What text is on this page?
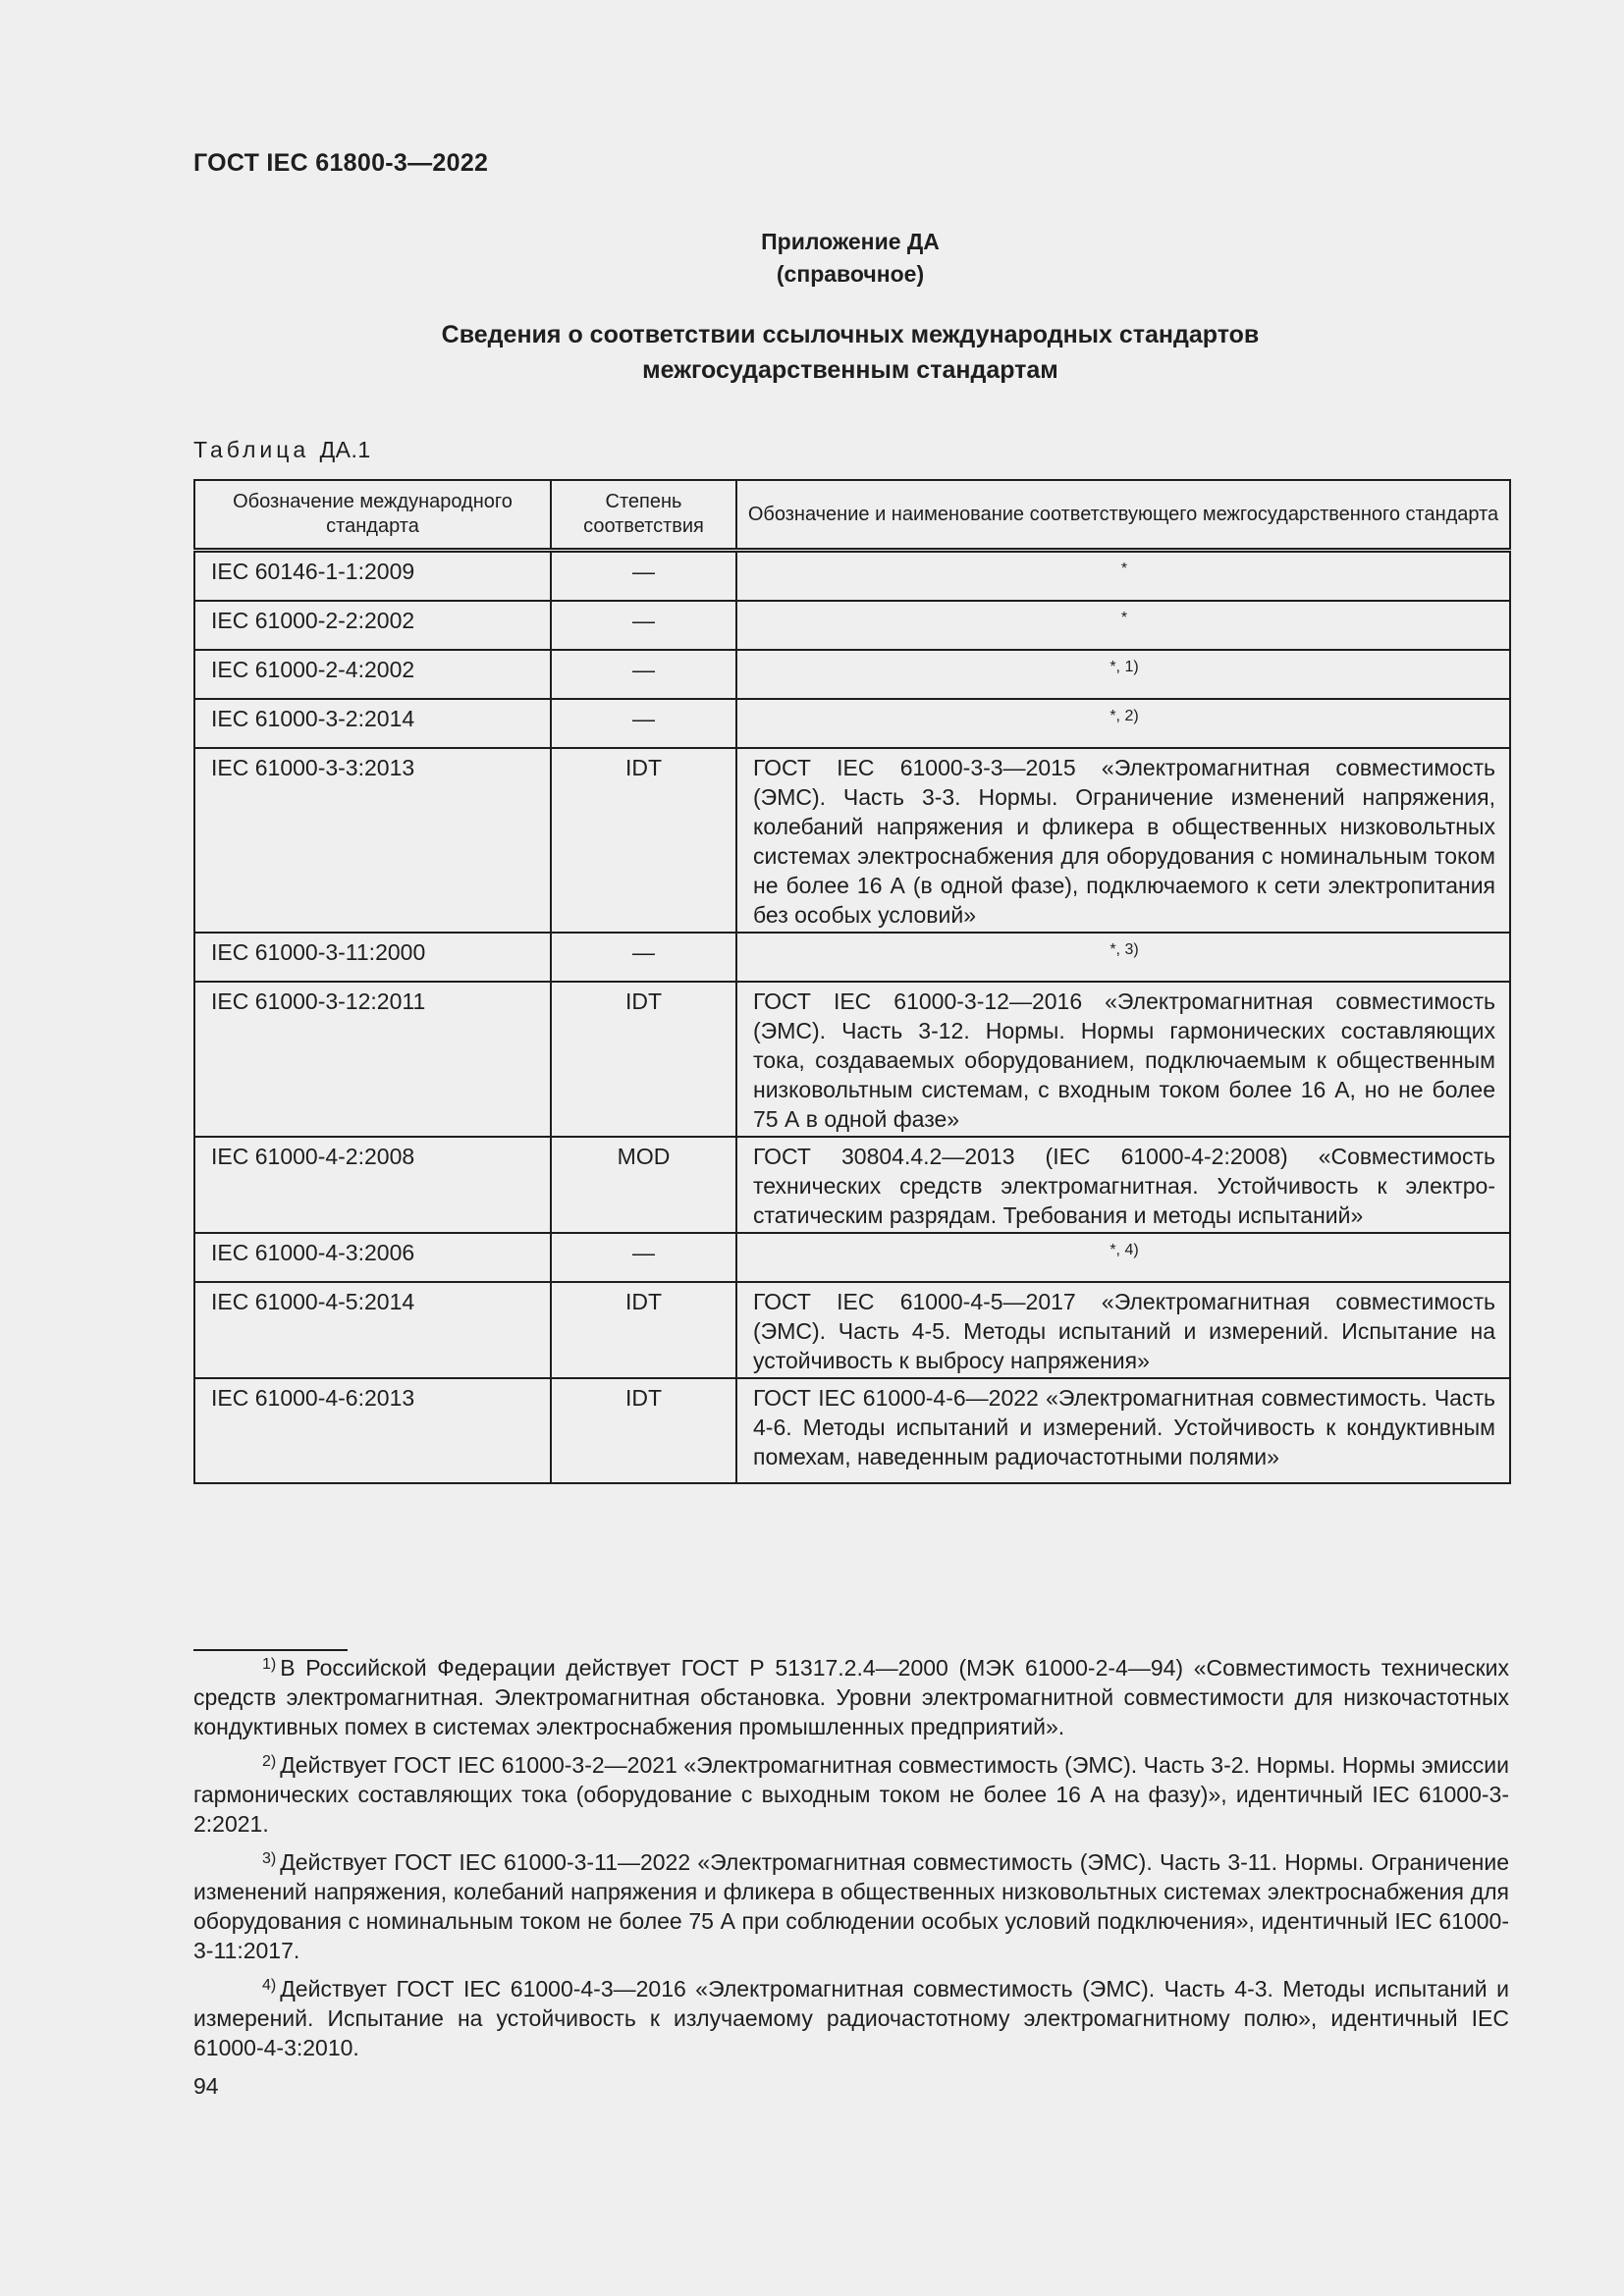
ГОСТ IEC 61800-3—2022
Приложение ДА
(справочное)
Сведения о соответствии ссылочных международных стандартов
межгосударственным стандартам
Таблица ДА.1
Обозначение международного стандарта	Степень соответствия	Обозначение и наименование соответствующего межгосударственного стандарта
IEC 60146-1-1:2009	—	*
IEC 61000-2-2:2002	—	*
IEC 61000-2-4:2002	—	$^{*, 1)}$
IEC 61000-3-2:2014	—	$^{*, 2)}$
IEC 61000-3-3:2013	IDT	ГОСТ IEC 61000-3-3—2015 «Электромагнитная совместимость (ЭМС). Часть 3-3. Нормы. Ограничение изменений напряжения, колебаний напряжения и фликера в общественных низковольтных системах электроснабжения для оборудования с номинальным током не более 16 А (в одной фазе), подключаемого к сети электропитания без особых условий»
IEC 61000-3-11:2000	—	$^{*, 3)}$
IEC 61000-3-12:2011	IDT	ГОСТ IEC 61000-3-12—2016 «Электромагнитная совместимость (ЭМС). Часть 3-12. Нормы. Нормы гармонических составляющих тока, создаваемых оборудованием, подключаемым к общественным низковольтным системам, с входным током более 16 А, но не более 75 А в одной фазе»
IEC 61000-4-2:2008	MOD	ГОСТ 30804.4.2—2013 (IEC 61000-4-2:2008) «Совместимость технических средств электромагнитная. Устойчивость к электростатическим разрядам. Требования и методы испытаний»
IEC 61000-4-3:2006	—	$^{*, 4)}$
IEC 61000-4-5:2014	IDT	ГОСТ IEC 61000-4-5—2017 «Электромагнитная совместимость (ЭМС). Часть 4-5. Методы испытаний и измерений. Испытание на устойчивость к выбросу напряжения»
IEC 61000-4-6:2013	IDT	ГОСТ IEC 61000-4-6—2022 «Электромагнитная совместимость. Часть 4-6. Методы испытаний и измерений. Устойчивость к кондуктивным помехам, наведенным радиочастотными полями»

$^{1)}$ В Российской Федерации действует ГОСТ Р 51317.2.4—2000 (МЭК 61000-2-4—94) «Совместимость технических средств электромагнитная. Электромагнитная обстановка. Уровни электромагнитной совместимости для низкочастотных кондуктивных помех в системах электроснабжения промышленных предприятий».

$^{2)}$ Действует ГОСТ IEC 61000-3-2—2021 «Электромагнитная совместимость (ЭМС). Часть 3-2. Нормы. Нормы эмиссии гармонических составляющих тока (оборудование с выходным током не более 16 А на фазу)», идентичный IEC 61000-3-2:2021.

$^{3)}$ Действует ГОСТ IEC 61000-3-11—2022 «Электромагнитная совместимость (ЭМС). Часть 3-11. Нормы. Ограничение изменений напряжения, колебаний напряжения и фликера в общественных низковольтных системах электроснабжения для оборудования с номинальным током не более 75 А при соблюдении особых условий подключения», идентичный IEC 61000-3-11:2017.

$^{4)}$ Действует ГОСТ IEC 61000-4-3—2016 «Электромагнитная совместимость (ЭМС). Часть 4-3. Методы испытаний и измерений. Испытание на устойчивость к излучаемому радиочастотному электромагнитному полю», идентичный IEC 61000-4-3:2010.

94
